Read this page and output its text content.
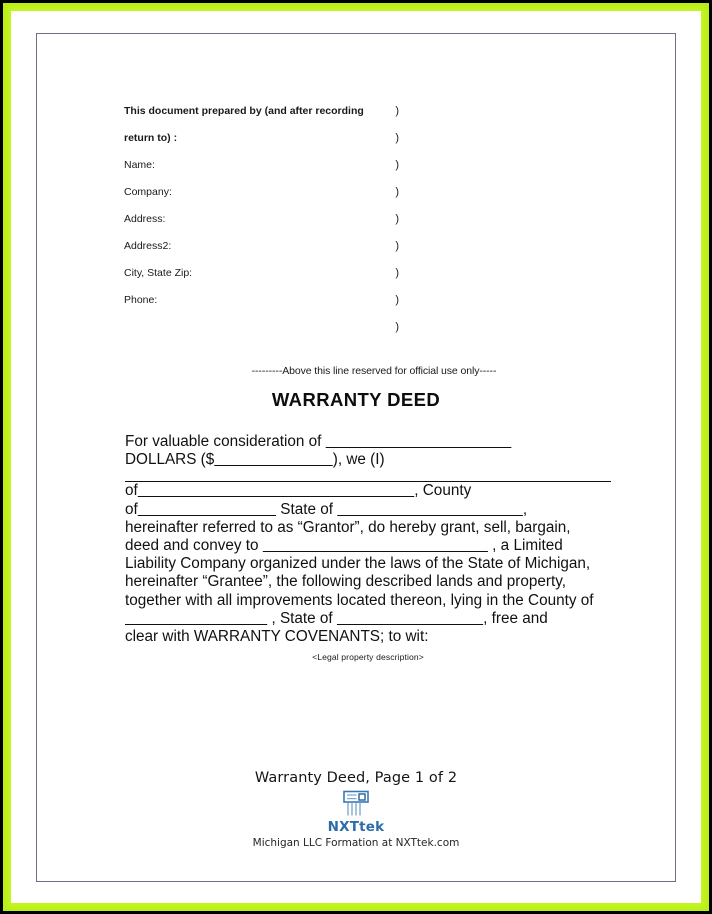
This document prepared by (and after recording	)
return to) :	)
Name:	)
Company:	)
Address:	)
Address2:	)
City, State Zip:	)
Phone:	)
)
---------Above this line reserved for official use only-----
WARRANTY DEED
For valuable consideration of
DOLLARS ($	), we (I)
of	, County
of	State of	,
hereinafter referred to as “Grantor”, do hereby grant, sell, bargain,
deed and convey to	, a Limited
Liability Company organized under the laws of the State of Michigan,
hereinafter “Grantee”, the following described lands and property,
together with all improvements located thereon, lying in the County of
, State of	, free and
clear with WARRANTY COVENANTS; to wit:
<Legal property description>
Warranty Deed, Page 1 of 2
NXTtek
Michigan LLC Formation at NXTtek.com
